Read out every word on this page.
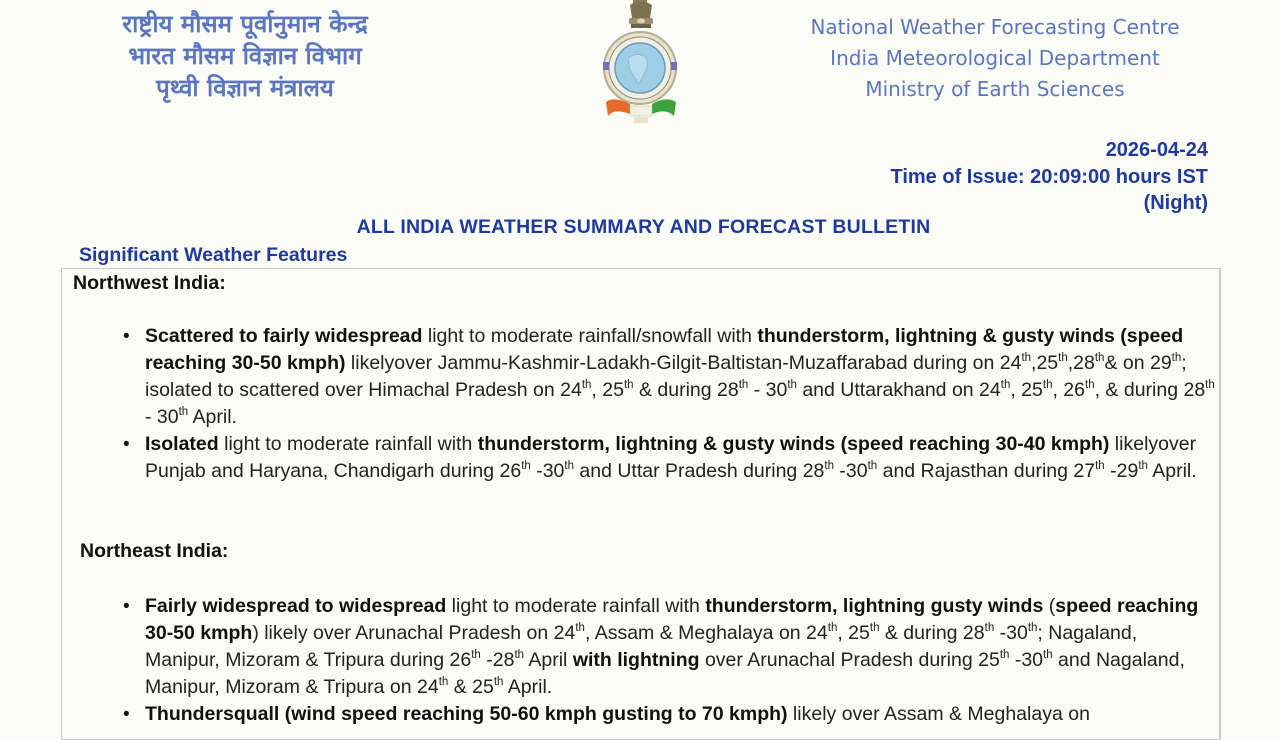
राष्ट्रीय मौसम पूर्वानुमान केन्द्र
भारत मौसम विज्ञान विभाग
पृथ्वी विज्ञान मंत्रालय
National Weather Forecasting Centre
India Meteorological Department
Ministry of Earth Sciences
2026-04-24
Time of Issue: 20:09:00 hours IST
(Night)
ALL INDIA WEATHER SUMMARY AND FORECAST BULLETIN
Significant Weather Features
Northwest India:
• Scattered to fairly widespread light to moderate rainfall/snowfall with thunderstorm, lightning & gusty winds (speed reaching 30-50 kmph) likelyover Jammu-Kashmir-Ladakh-Gilgit-Baltistan-Muzaffarabad during on 24th,25th,28th& on 29th; isolated to scattered over Himachal Pradesh on 24th, 25th & during 28th - 30th and Uttarakhand on 24th, 25th, 26th, & during 28th - 30th April.
• Isolated light to moderate rainfall with thunderstorm, lightning & gusty winds (speed reaching 30-40 kmph) likelyover Punjab and Haryana, Chandigarh during 26th -30th and Uttar Pradesh during 28th -30th and Rajasthan during 27th -29th April.
Northeast India:
• Fairly widespread to widespread light to moderate rainfall with thunderstorm, lightning gusty winds (speed reaching 30-50 kmph) likely over Arunachal Pradesh on 24th, Assam & Meghalaya on 24th, 25th & during 28th -30th; Nagaland, Manipur, Mizoram & Tripura during 26th -28th April with lightning over Arunachal Pradesh during 25th -30th and Nagaland, Manipur, Mizoram & Tripura on 24th & 25th April.
• Thundersquall (wind speed reaching 50-60 kmph gusting to 70 kmph) likely over Assam & Meghalaya on
